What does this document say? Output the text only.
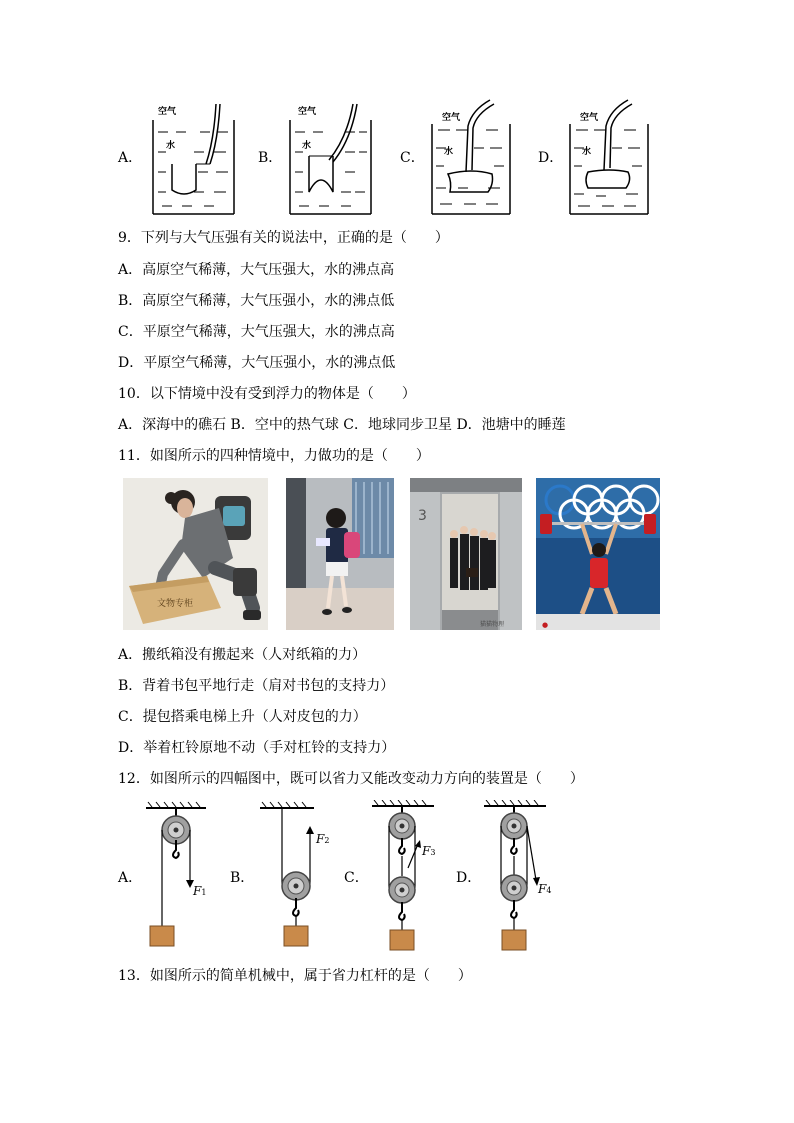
A．
空气
水
B．
空气
水
C．
空气
水	D．
空气
水
9．下列与大气压强有关的说法中，正确的是（　　）
A．高原空气稀薄，大气压强大，水的沸点高
B．高原空气稀薄，大气压强小，水的沸点低
C．平原空气稀薄，大气压强大，水的沸点高
D．平原空气稀薄，大气压强小，水的沸点低
10．以下情境中没有受到浮力的物体是（　　）
A．深海中的礁石 B．空中的热气球 C．地球同步卫星 D．池塘中的睡莲
11．如图所示的四种情境中，力做功的是（　　）
文物专柜
3
猫猫物理	●
A．搬纸箱没有搬起来（人对纸箱的力）
B．背着书包平地行走（肩对书包的支持力）
C．提包搭乘电梯上升（人对皮包的力）
D．举着杠铃原地不动（手对杠铃的支持力）
12．如图所示的四幅图中，既可以省力又能改变动力方向的装置是（　　）
A．
F1
B．
F2
C．
F3
D．
F4
13．如图所示的简单机械中，属于省力杠杆的是（　　）
